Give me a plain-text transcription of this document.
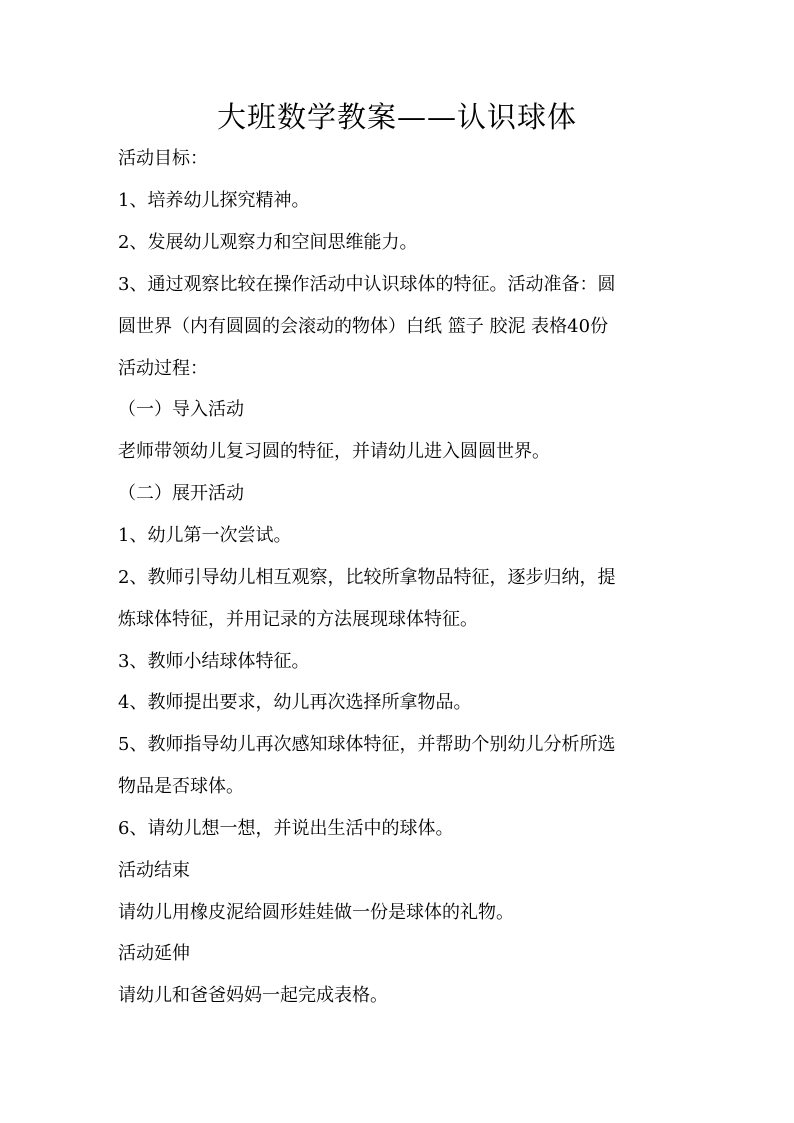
大班数学教案——认识球体
活动目标：
1、培养幼儿探究精神。
2、发展幼儿观察力和空间思维能力。
3、通过观察比较在操作活动中认识球体的特征。活动准备：圆
圆世界（内有圆圆的会滚动的物体）白纸 篮子 胶泥 表格40份
活动过程：
（一）导入活动
老师带领幼儿复习圆的特征，并请幼儿进入圆圆世界。
（二）展开活动
1、幼儿第一次尝试。
2、教师引导幼儿相互观察，比较所拿物品特征，逐步归纳，提
炼球体特征，并用记录的方法展现球体特征。
3、教师小结球体特征。
4、教师提出要求，幼儿再次选择所拿物品。
5、教师指导幼儿再次感知球体特征，并帮助个别幼儿分析所选
物品是否球体。
6、请幼儿想一想，并说出生活中的球体。
活动结束
请幼儿用橡皮泥给圆形娃娃做一份是球体的礼物。
活动延伸
请幼儿和爸爸妈妈一起完成表格。
